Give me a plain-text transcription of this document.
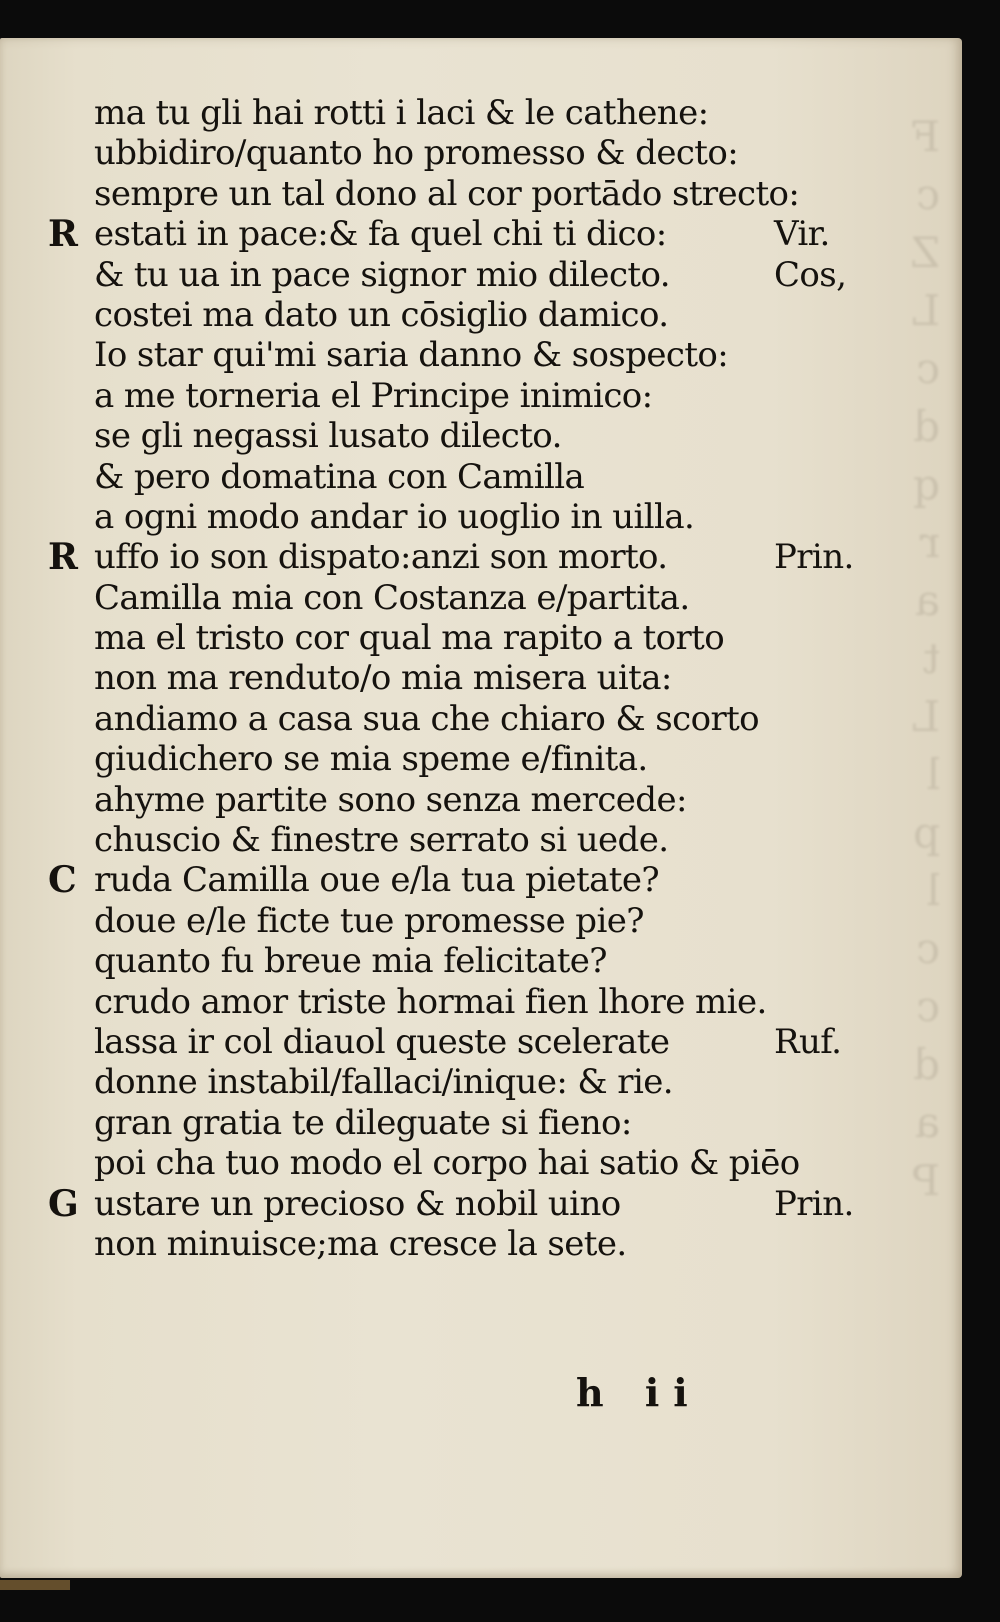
F
c
Z
L
c
d
q
r
a
t
L
l
p
l
c
c
d
a
P
ma tu gli hai rotti i laci & le cathene:
ubbidiro/quanto ho promesso & decto:
sempre un tal dono al cor portādo strecto:
R estati in pace:& fa quel chi ti dico:	Vir.
& tu ua in pace signor mio dilecto.	Cos,
costei ma dato un cōsiglio damico.
Io star qui'mi saria danno & sospecto:
a me torneria el Principe inimico:
se gli negassi lusato dilecto.
& pero domatina con Camilla
a ogni modo andar io uoglio in uilla.
R uffo io son dispato:anzi son morto.	Prin.
Camilla mia con Costanza e/partita.
ma el tristo cor qual ma rapito a torto
non ma renduto/o mia misera uita:
andiamo a casa sua che chiaro & scorto
giudichero se mia speme e/finita.
ahyme partite sono senza mercede:
chuscio & finestre serrato si uede.
C ruda Camilla oue e/la tua pietate?
doue e/le ficte tue promesse pie?
quanto fu breue mia felicitate?
crudo amor triste hormai fien lhore mie.
lassa ir col diauol queste scelerate	Ruf.
donne instabil/fallaci/inique: & rie.
gran gratia te dileguate si fieno:
poi cha tuo modo el corpo hai satio & piēo
G ustare un precioso & nobil uino	Prin.
non minuisce;ma cresce la sete.
h ii
